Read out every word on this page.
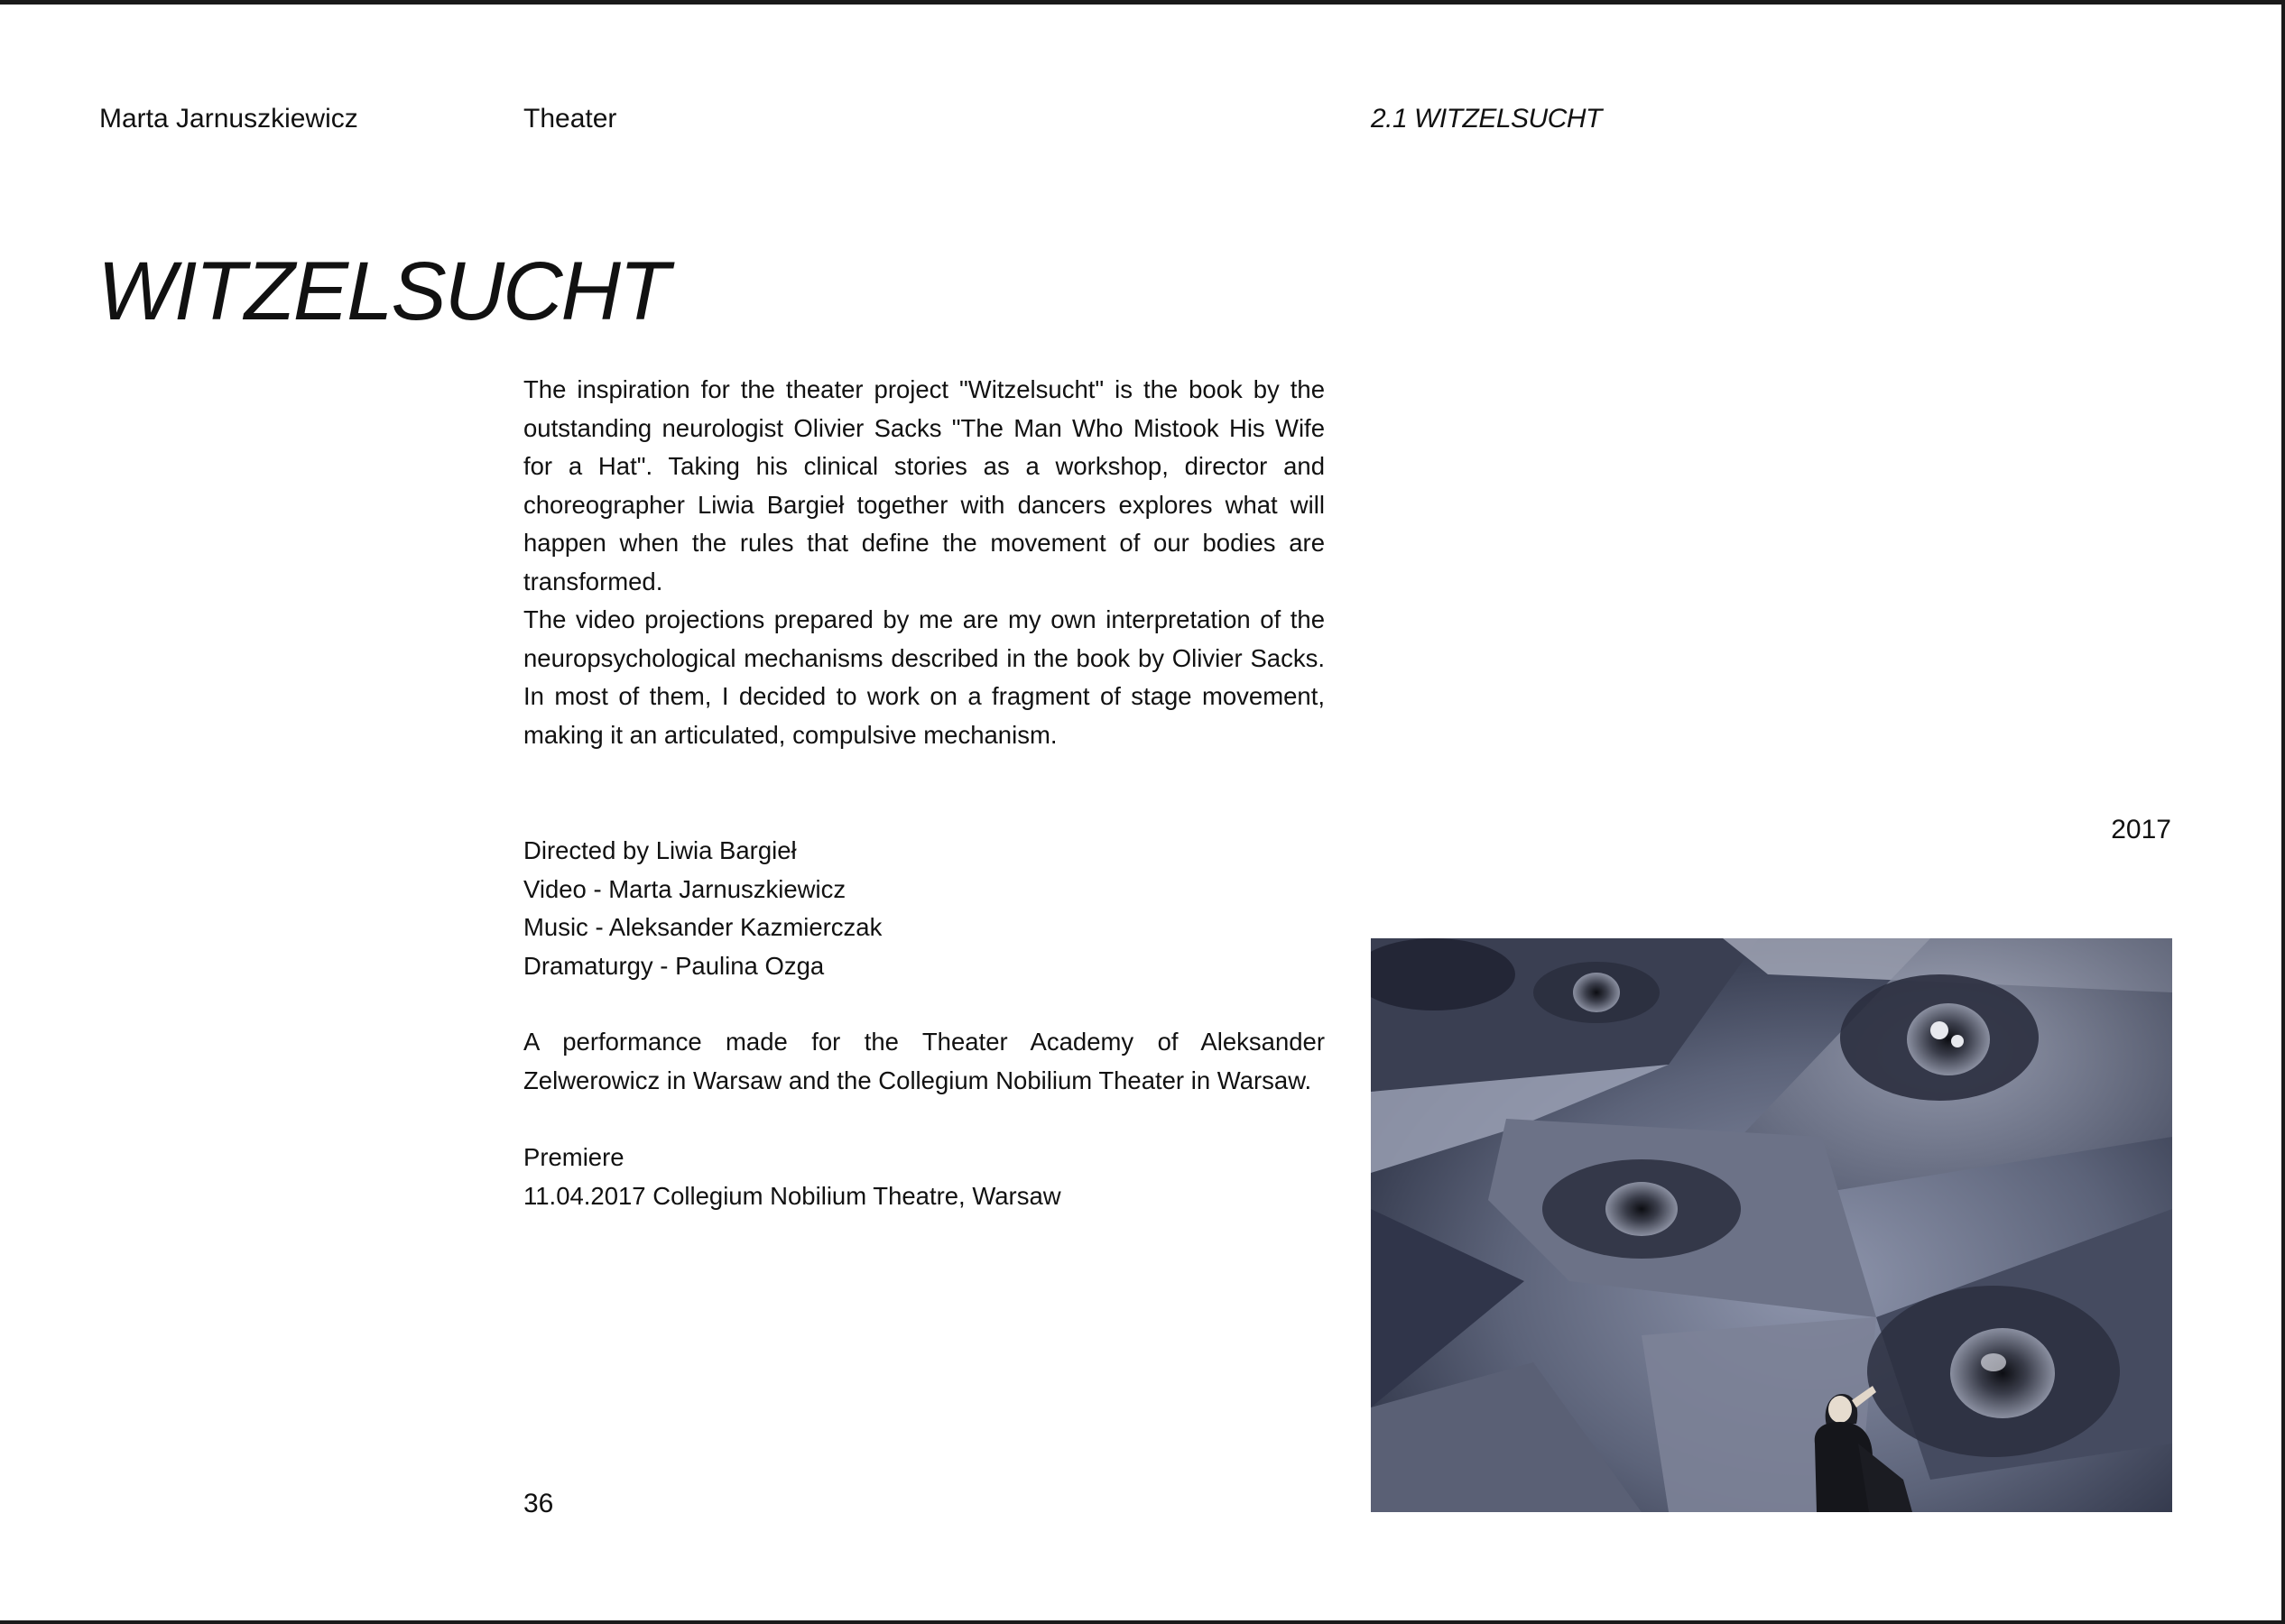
Marta Jarnuszkiewicz	Theater	2.1 WITZELSUCHT
WITZELSUCHT

The inspiration for the theater project "Witzelsucht" is the book by the outstanding neurologist Olivier Sacks "The Man Who Mistook His Wife for a Hat". Taking his clinical stories as a workshop, director and choreographer Liwia Bargieł together with dancers explores what will happen when the rules that define the movement of our bodies are transformed.

The video projections prepared by me are my own interpretation of the neuropsychological mechanisms described in the book by Olivier Sacks. In most of them, I decided to work on a fragment of stage movement, making it an articulated, compulsive mechanism.

Directed by Liwia Bargieł
Video - Marta Jarnuszkiewicz
Music - Aleksander Kazmierczak
Dramaturgy - Paulina Ozga

A performance made for the Theater Academy of Aleksander Zelwerowicz in Warsaw and the Collegium Nobilium Theater in Warsaw.

Premiere
11.04.2017 Collegium Nobilium Theatre, Warsaw
2017
36
